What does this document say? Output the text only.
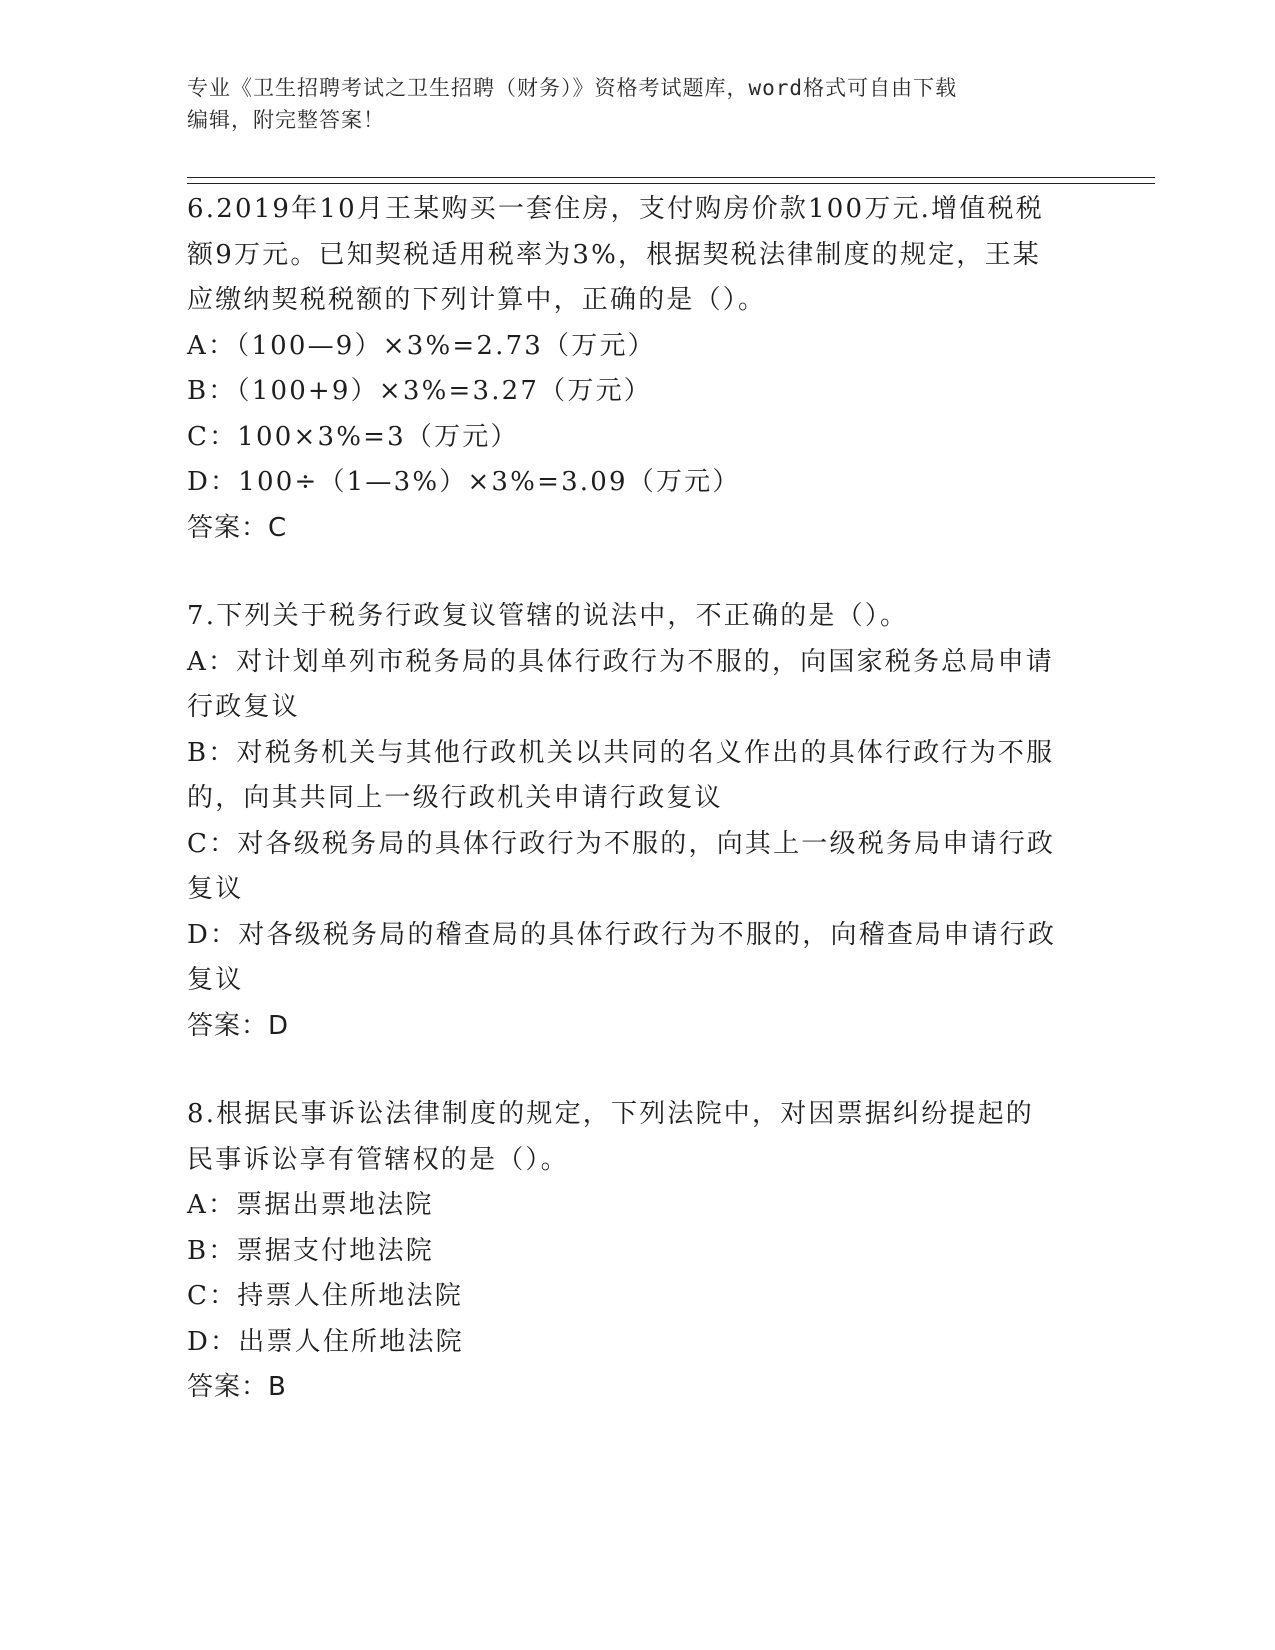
专业《卫生招聘考试之卫生招聘（财务）》资格考试题库，word格式可自由下载
编辑，附完整答案！
6.2019年10月王某购买一套住房，支付购房价款100万元.增值税税
额9万元。已知契税适用税率为3%，根据契税法律制度的规定，王某
应缴纳契税税额的下列计算中，正确的是（）。
A：（100—9）×3%=2.73（万元）
B：（100+9）×3%=3.27（万元）
C：100×3%=3（万元）
D：100÷（1—3%）×3%=3.09（万元）
答案：C
7.下列关于税务行政复议管辖的说法中，不正确的是（）。
A：对计划单列市税务局的具体行政行为不服的，向国家税务总局申请
行政复议
B：对税务机关与其他行政机关以共同的名义作出的具体行政行为不服
的，向其共同上一级行政机关申请行政复议
C：对各级税务局的具体行政行为不服的，向其上一级税务局申请行政
复议
D：对各级税务局的稽查局的具体行政行为不服的，向稽查局申请行政
复议
答案：D
8.根据民事诉讼法律制度的规定，下列法院中，对因票据纠纷提起的
民事诉讼享有管辖权的是（）。
A：票据出票地法院
B：票据支付地法院
C：持票人住所地法院
D：出票人住所地法院
答案：B
